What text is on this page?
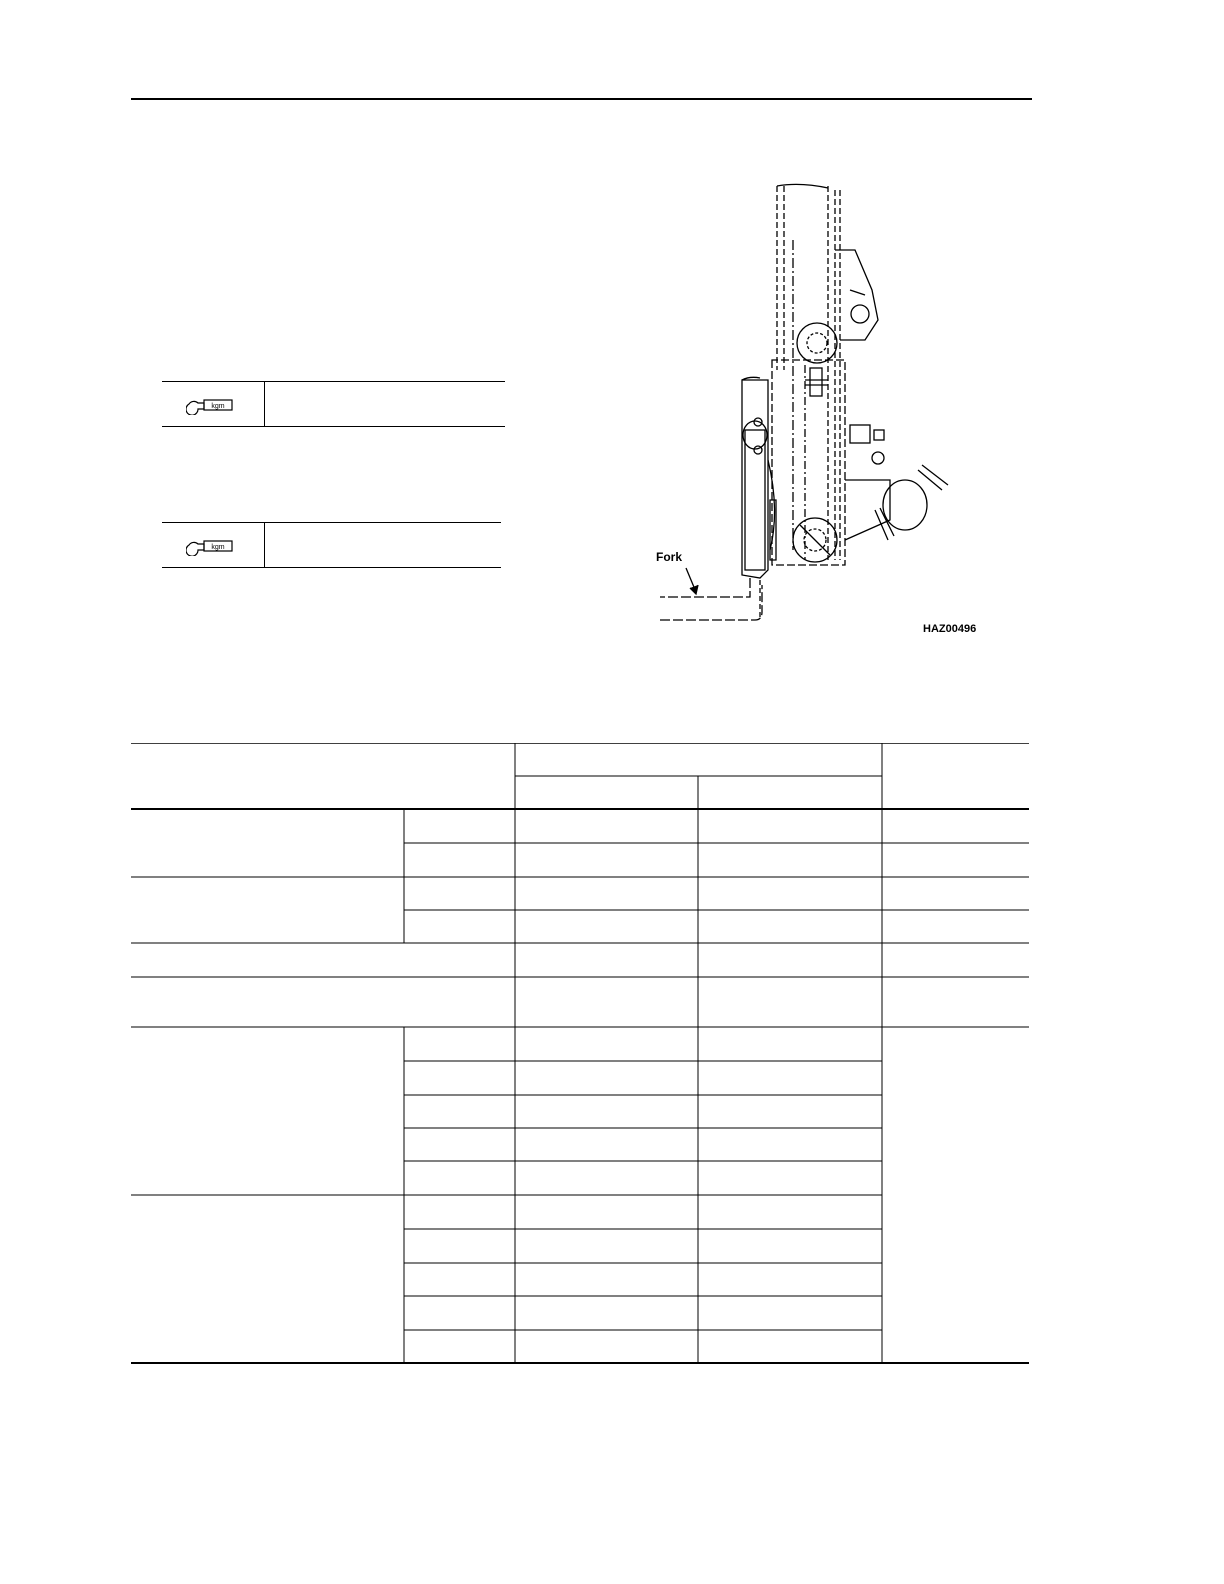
kgm
kgm
Fork
HAZ00496
